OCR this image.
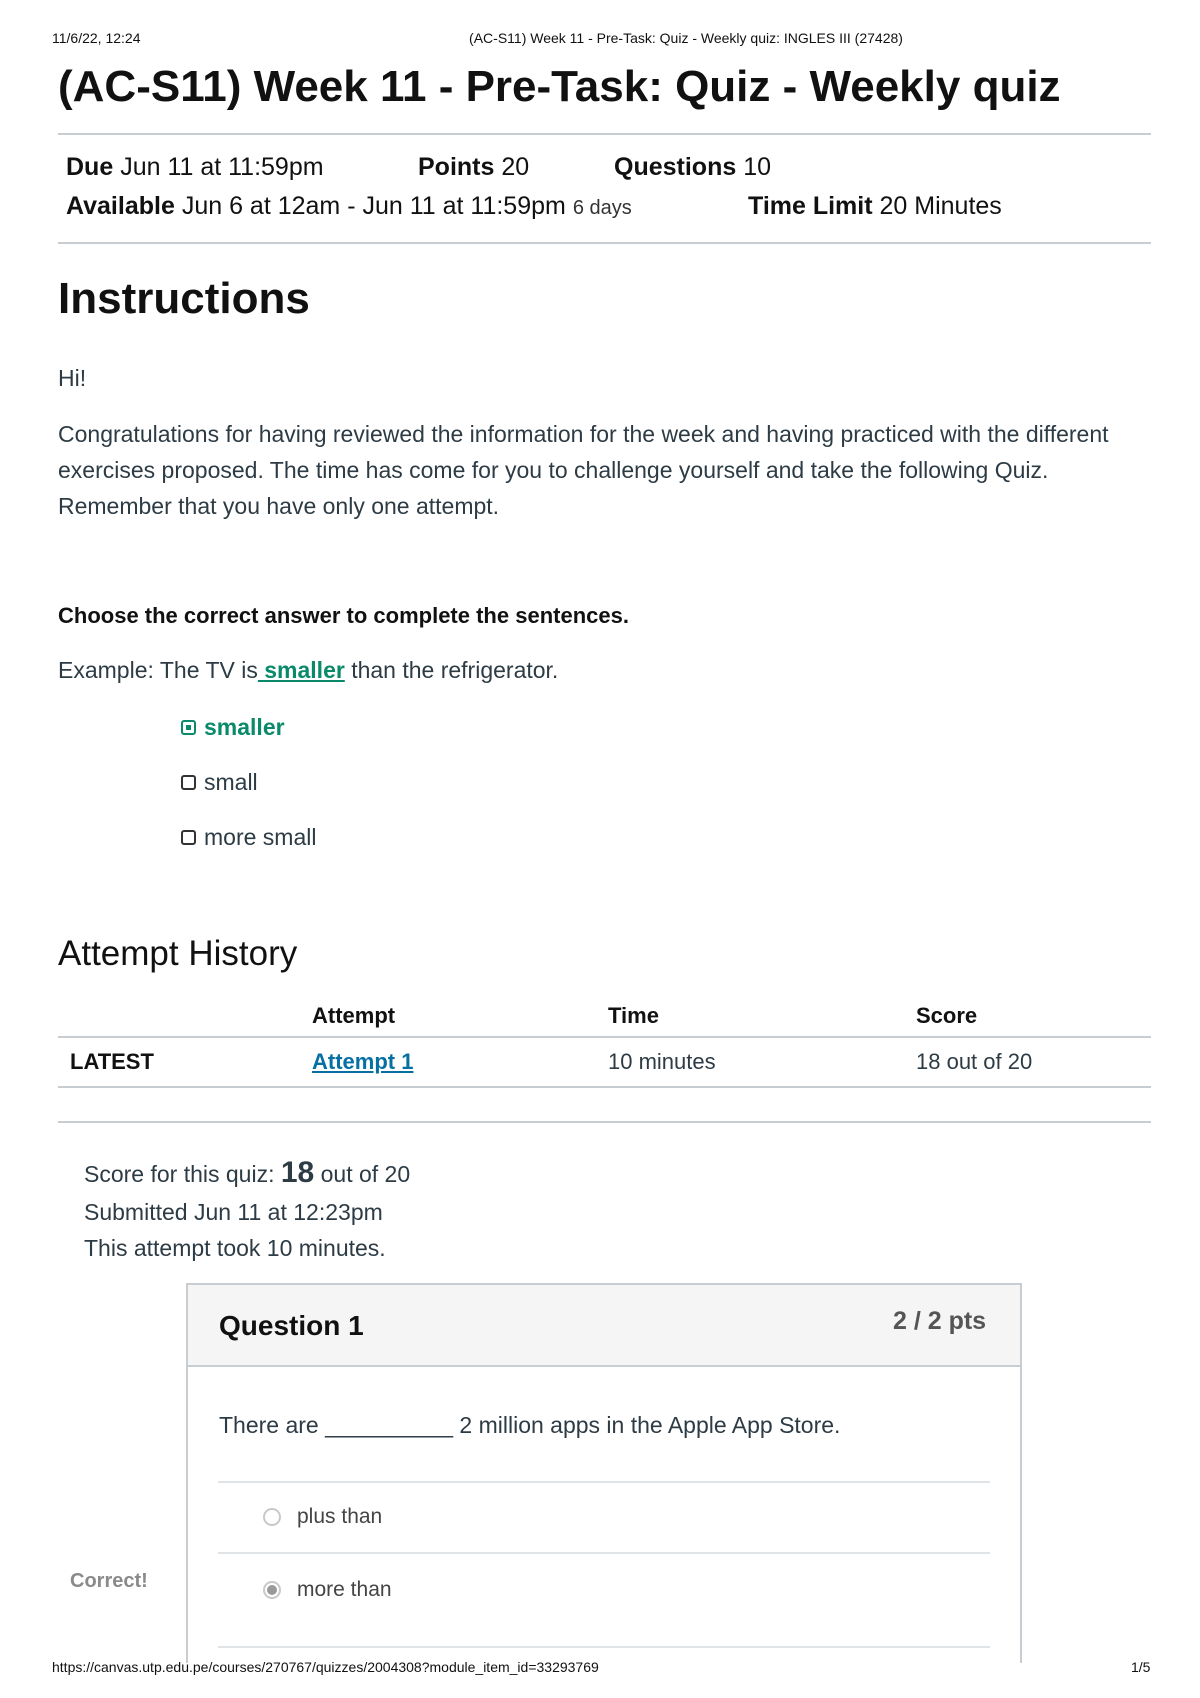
11/6/22, 12:24	(AC-S11) Week 11 - Pre-Task: Quiz - Weekly quiz: INGLES III (27428)
(AC-S11) Week 11 - Pre-Task: Quiz - Weekly quiz
Due Jun 11 at 11:59pm	Points 20	Questions 10
Available Jun 6 at 12am - Jun 11 at 11:59pm 6 days	Time Limit 20 Minutes
Instructions
Hi!
Congratulations for having reviewed the information for the week and having practiced with the different exercises proposed. The time has come for you to challenge yourself and take the following Quiz. Remember that you have only one attempt.
Choose the correct answer to complete the sentences.
Example: The TV is smaller than the refrigerator.
smaller
small
more small
Attempt History
	Attempt	Time	Score
LATEST	Attempt 1	10 minutes	18 out of 20
Score for this quiz: 18 out of 20
Submitted Jun 11 at 12:23pm
This attempt took 10 minutes.
Question 1	2 / 2 pts
There are __________ 2 million apps in the Apple App Store.
plus than
Correct!	more than
https://canvas.utp.edu.pe/courses/270767/quizzes/2004308?module_item_id=33293769	1/5
